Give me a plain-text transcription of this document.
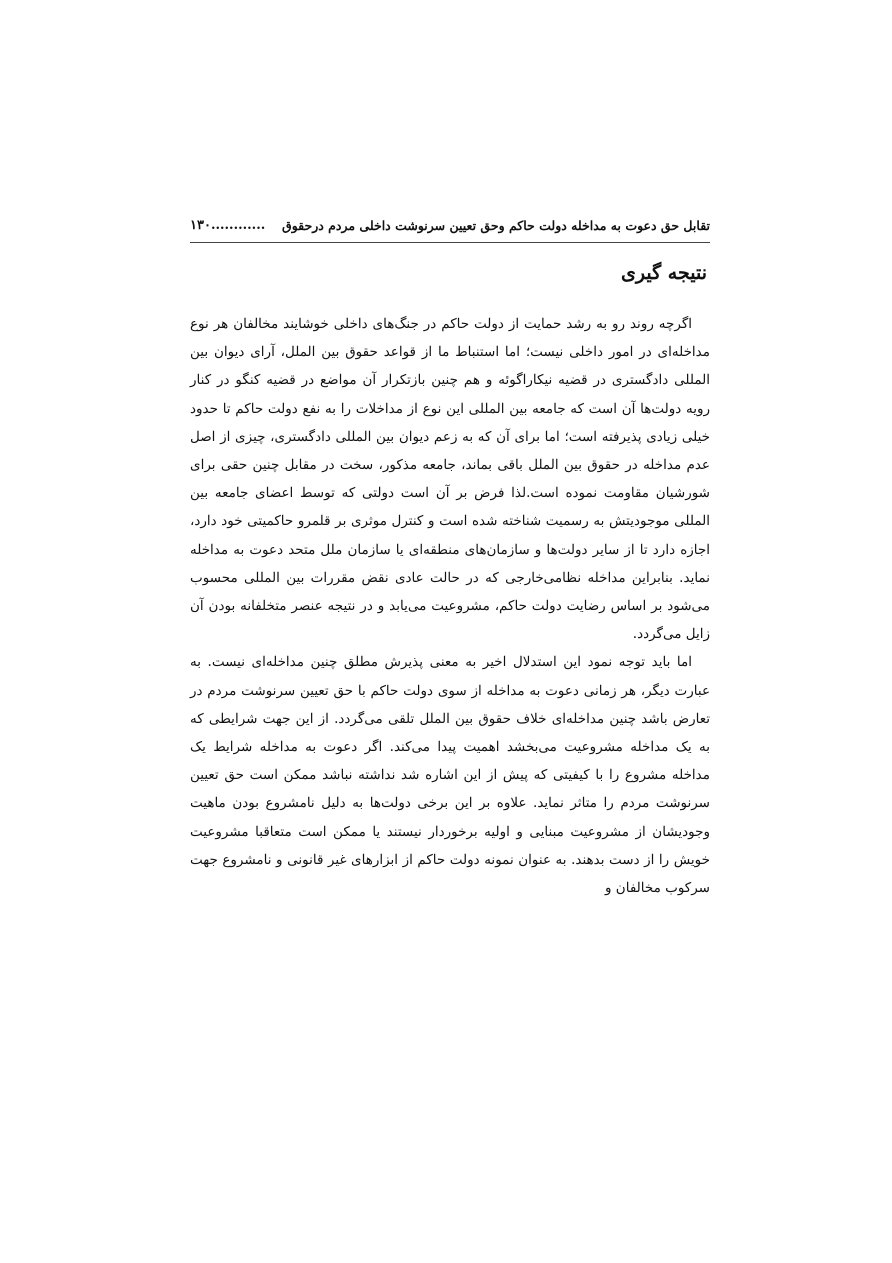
تقابل حق دعوت به مداخله دولت حاکم وحق تعیین سرنوشت داخلی مردم درحقوق
............۱۳۰
نتیجه گیری

اگرچه روند رو به رشد حمایت از دولت حاکم در جنگ‌های داخلی خوشایند مخالفان هر نوع مداخله‌ای در امور داخلی نیست؛ اما استنباط ما از قواعد حقوق بین الملل، آرای دیوان بین المللی دادگستری در قضیه نیکاراگوئه و هم چنین بازتکرار آن مواضع در قضیه کنگو در کنار رویه دولت‌ها آن است که جامعه بین المللی این نوع از مداخلات را به نفع دولت حاکم تا حدود خیلی زیادی پذیرفته است؛ اما برای آن که به زعم دیوان بین المللی دادگستری، چیزی از اصل عدم مداخله در حقوق بین الملل باقی بماند، جامعه مذکور، سخت در مقابل چنین حقی برای شورشیان مقاومت نموده است.لذا فرض بر آن است دولتی که توسط اعضای جامعه بین المللی موجودیتش به رسمیت شناخته شده است و کنترل موثری بر قلمرو حاکمیتی خود دارد، اجازه دارد تا از سایر دولت‌ها و سازمان‌های منطقه‌ای یا سازمان ملل متحد دعوت به مداخله نماید. بنابراین مداخله نظامی‌خارجی که در حالت عادی نقض مقررات بین المللی محسوب می‌شود بر اساس رضایت دولت حاکم، مشروعیت می‌یابد و در نتیجه عنصر متخلفانه بودن آن زایل می‌گردد.

اما باید توجه نمود این استدلال اخیر به معنی پذیرش مطلق چنین مداخله‌ای نیست. به عبارت دیگر، هر زمانی دعوت به مداخله از سوی دولت حاکم با حق تعیین سرنوشت مردم در تعارض باشد چنین مداخله‌ای خلاف حقوق بین الملل تلقی می‌گردد. از این جهت شرایطی که به یک مداخله مشروعیت می‌بخشد اهمیت پیدا می‌کند. اگر دعوت به مداخله شرایط یک مداخله مشروع را با کیفیتی که پیش از این اشاره شد نداشته نباشد ممکن است حق تعیین سرنوشت مردم را متاثر نماید. علاوه بر این برخی دولت‌ها به دلیل نامشروع بودن ماهیت وجودیشان از مشروعیت مبنایی و اولیه برخوردار نیستند یا ممکن است متعاقبا مشروعیت خویش را از دست بدهند. به عنوان نمونه دولت حاکم از ابزارهای غیر قانونی و نامشروع جهت سرکوب مخالفان و
